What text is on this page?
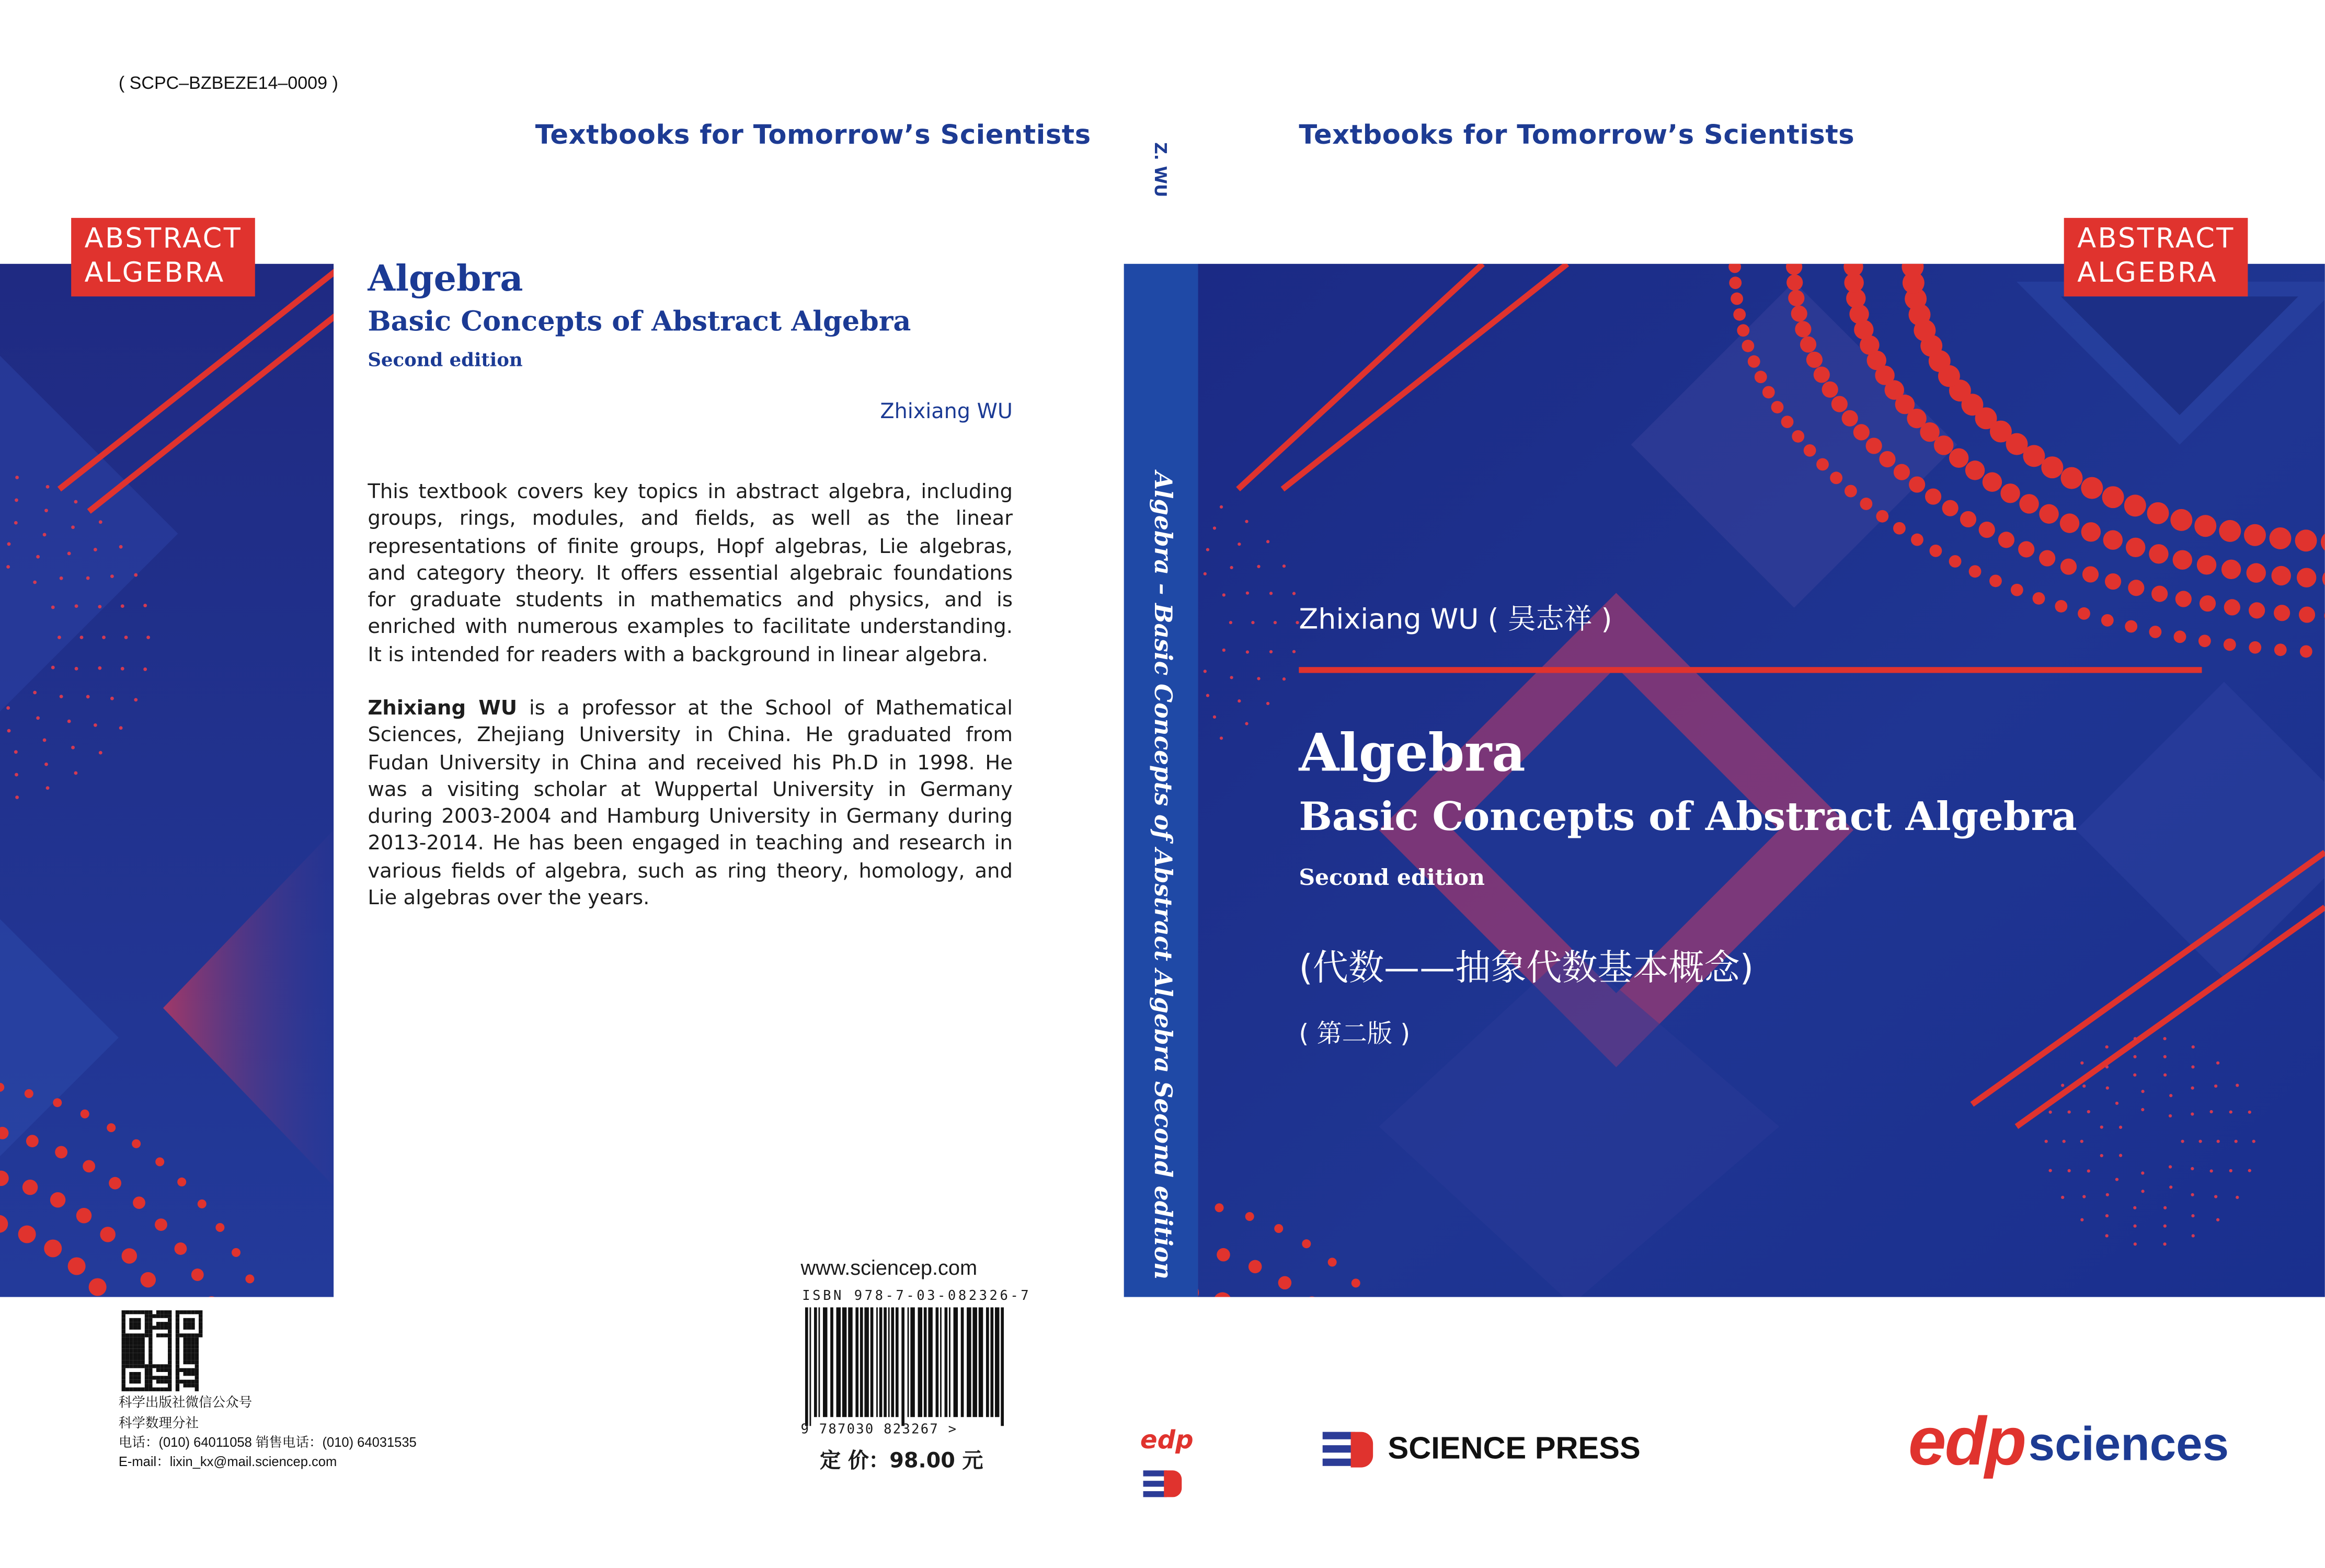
( SCPC–BZBEZE14–0009 )
Textbooks for Tomorrow’s Scientists	Textbooks for Tomorrow’s Scientists
ABSTRACT
ALGEBRA
ABSTRACT
ALGEBRA
Z. WU
Algebra – Basic Concepts of Abstract Algebra Second edition
Algebra
Basic Concepts of Abstract Algebra
Second edition
Zhixiang WU
This textbook covers key topics in abstract algebra, including groups, rings, modules, and fields, as well as the linear representations of finite groups, Hopf algebras, Lie algebras, and category theory. It offers essential algebraic foundations for graduate students in mathematics and physics, and is enriched with numerous examples to facilitate understanding. It is intended for readers with a background in linear algebra.
Zhixiang WU is a professor at the School of Mathematical Sciences, Zhejiang University in China. He graduated from Fudan University in China and received his Ph.D in 1998. He was a visiting scholar at Wuppertal University in Germany during 2003-2004 and Hamburg University in Germany during 2013-2014. He has been engaged in teaching and research in various fields of algebra, such as ring theory, homology, and Lie algebras over the years.
www.sciencep.com
ISBN 978-7-03-082326-7
9 787030 823267 >
定 价：98.00 元
科学出版社微信公众号
科学数理分社
电话：(010) 64011058 销售电话：(010) 64031535
E-mail：lixin_kx@mail.sciencep.com
Zhixiang WU ( 吴志祥 )
Algebra
Basic Concepts of Abstract Algebra
Second edition
(代数——抽象代数基本概念)
( 第二版 )
edp	SCIENCE PRESS	edp sciences
